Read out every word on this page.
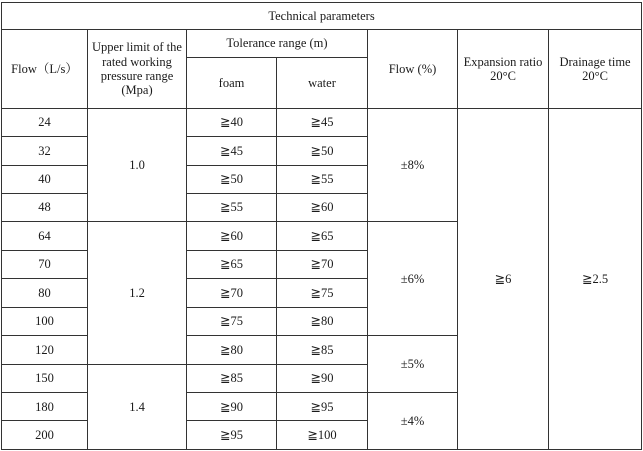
Technical parameters						
Flow（L/s）	Upper limit of the rated working pressure range (Mpa)	Tolerance range (m)		Flow (%)	Expansion ratio 20°C	Drainage time 20°C
		foam	water			
24	1.0	≧40	≧45	±8%	≧6	≧2.5
32		≧45	≧50			
40		≧50	≧55			
48		≧55	≧60			
64	1.2	≧60	≧65	±6%		
70		≧65	≧70			
80		≧70	≧75			
100		≧75	≧80			
120		≧80	≧85	±5%		
150	1.4	≧85	≧90			
180		≧90	≧95	±4%		
200		≧95	≧100			
